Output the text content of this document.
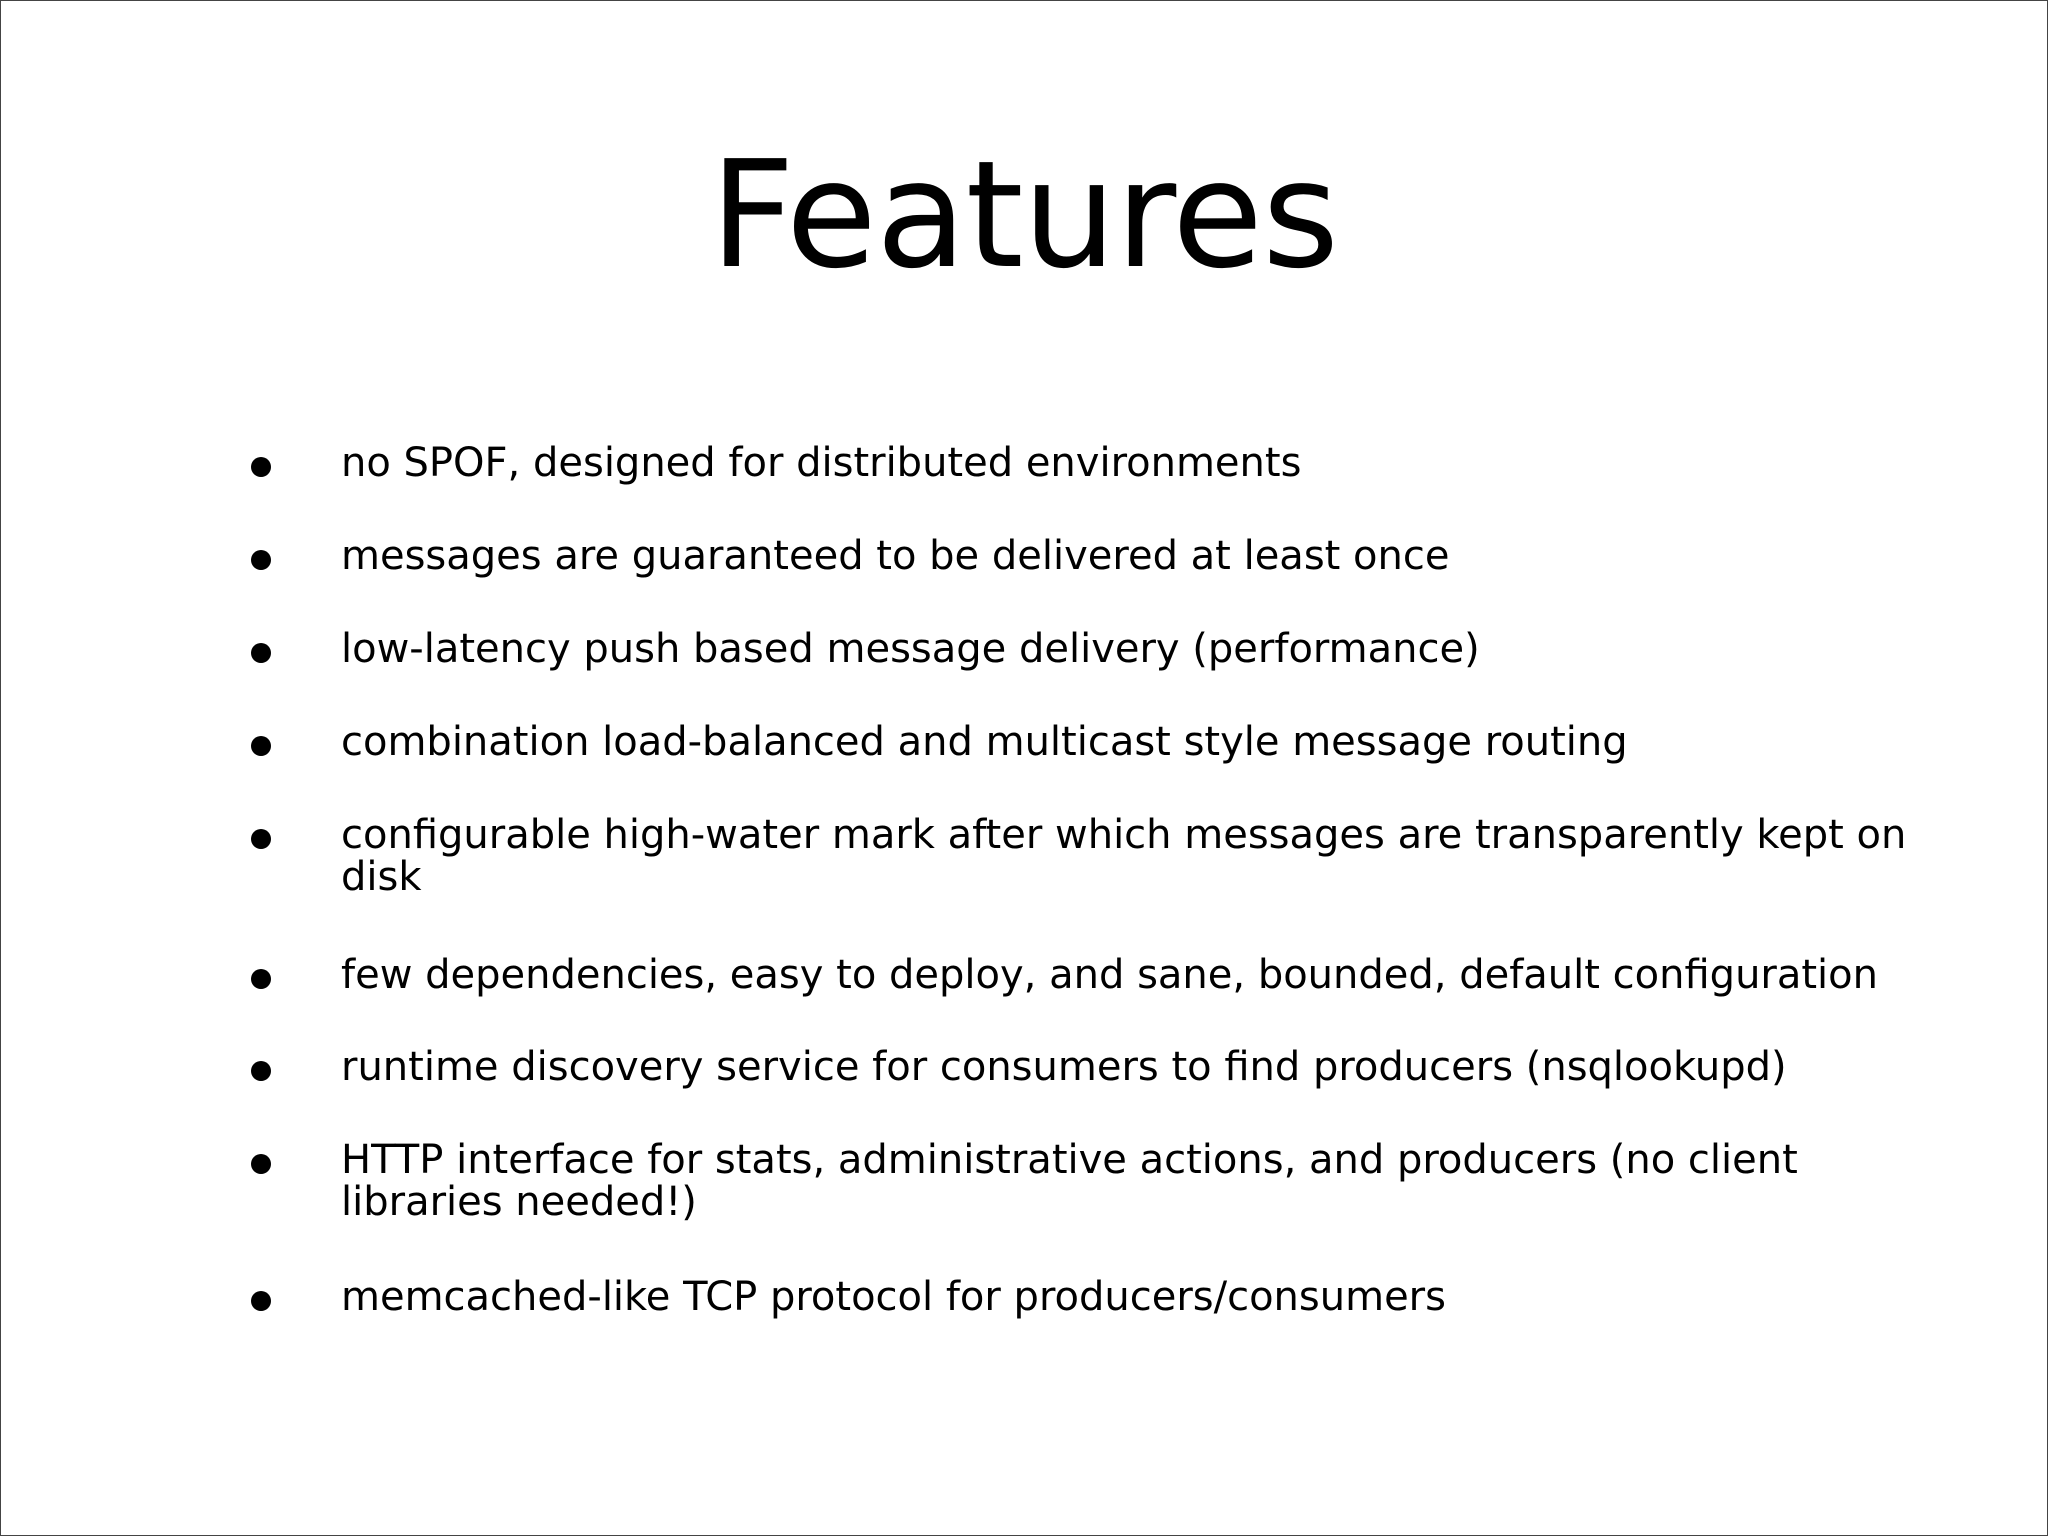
Features
no SPOF, designed for distributed environments
messages are guaranteed to be delivered at least once
low-latency push based message delivery (performance)
combination load-balanced and multicast style message routing
configurable high-water mark after which messages are transparently kept on disk
few dependencies, easy to deploy, and sane, bounded, default configuration
runtime discovery service for consumers to find producers (nsqlookupd)
HTTP interface for stats, administrative actions, and producers (no client libraries needed!)
memcached-like TCP protocol for producers/consumers
